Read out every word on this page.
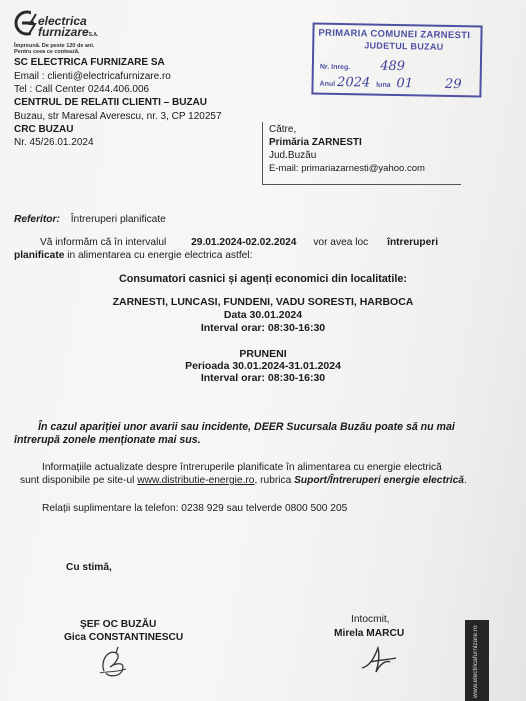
electrica
furnizareS.A.
Împreună. De peste 120 de ani.
Pentru ceea ce contează.
SC ELECTRICA FURNIZARE SA
Email : clienti@electricafurnizare.ro
Tel : Call Center 0244.406.006
CENTRUL DE RELATII CLIENTI – BUZAU
Buzau, str Maresal Averescu, nr. 3, CP 120257
CRC BUZAU
Nr. 45/26.01.2024
PRIMARIA COMUNEI ZARNESTI
JUDETUL BUZAU
Nr. Inreg. 489
Anul 2024 luna 01 29
Către,
Primăria ZARNESTI
Jud.Buzău
E-mail: primariazarnesti@yahoo.com
Referitor: Întreruperi planificate
Vă informăm că în intervalul 29.01.2024-02.02.2024 vor avea loc întreruperi
planificate in alimentarea cu energie electrica astfel:
Consumatori casnici și agenți economici din localitatile:
ZARNESTI, LUNCASI, FUNDENI, VADU SORESTI, HARBOCA
Data 30.01.2024
Interval orar: 08:30-16:30
PRUNENI
Perioada 30.01.2024-31.01.2024
Interval orar: 08:30-16:30
În cazul apariției unor avarii sau incidente, DEER Sucursala Buzău poate să nu mai
întrerupă zonele menționate mai sus.
Informațiile actualizate despre întreruperile planificate în alimentarea cu energie electrică
sunt disponibile pe site-ul www.distributie-energie.ro, rubrica Suport/Întreruperi energie electrică.
Relații suplimentare la telefon: 0238 929 sau telverde 0800 500 205
Cu stimă,
ŞEF OC BUZĂU
Gica CONSTANTINESCU
Intocmit,
Mirela MARCU	www.electricafurnizare.ro
